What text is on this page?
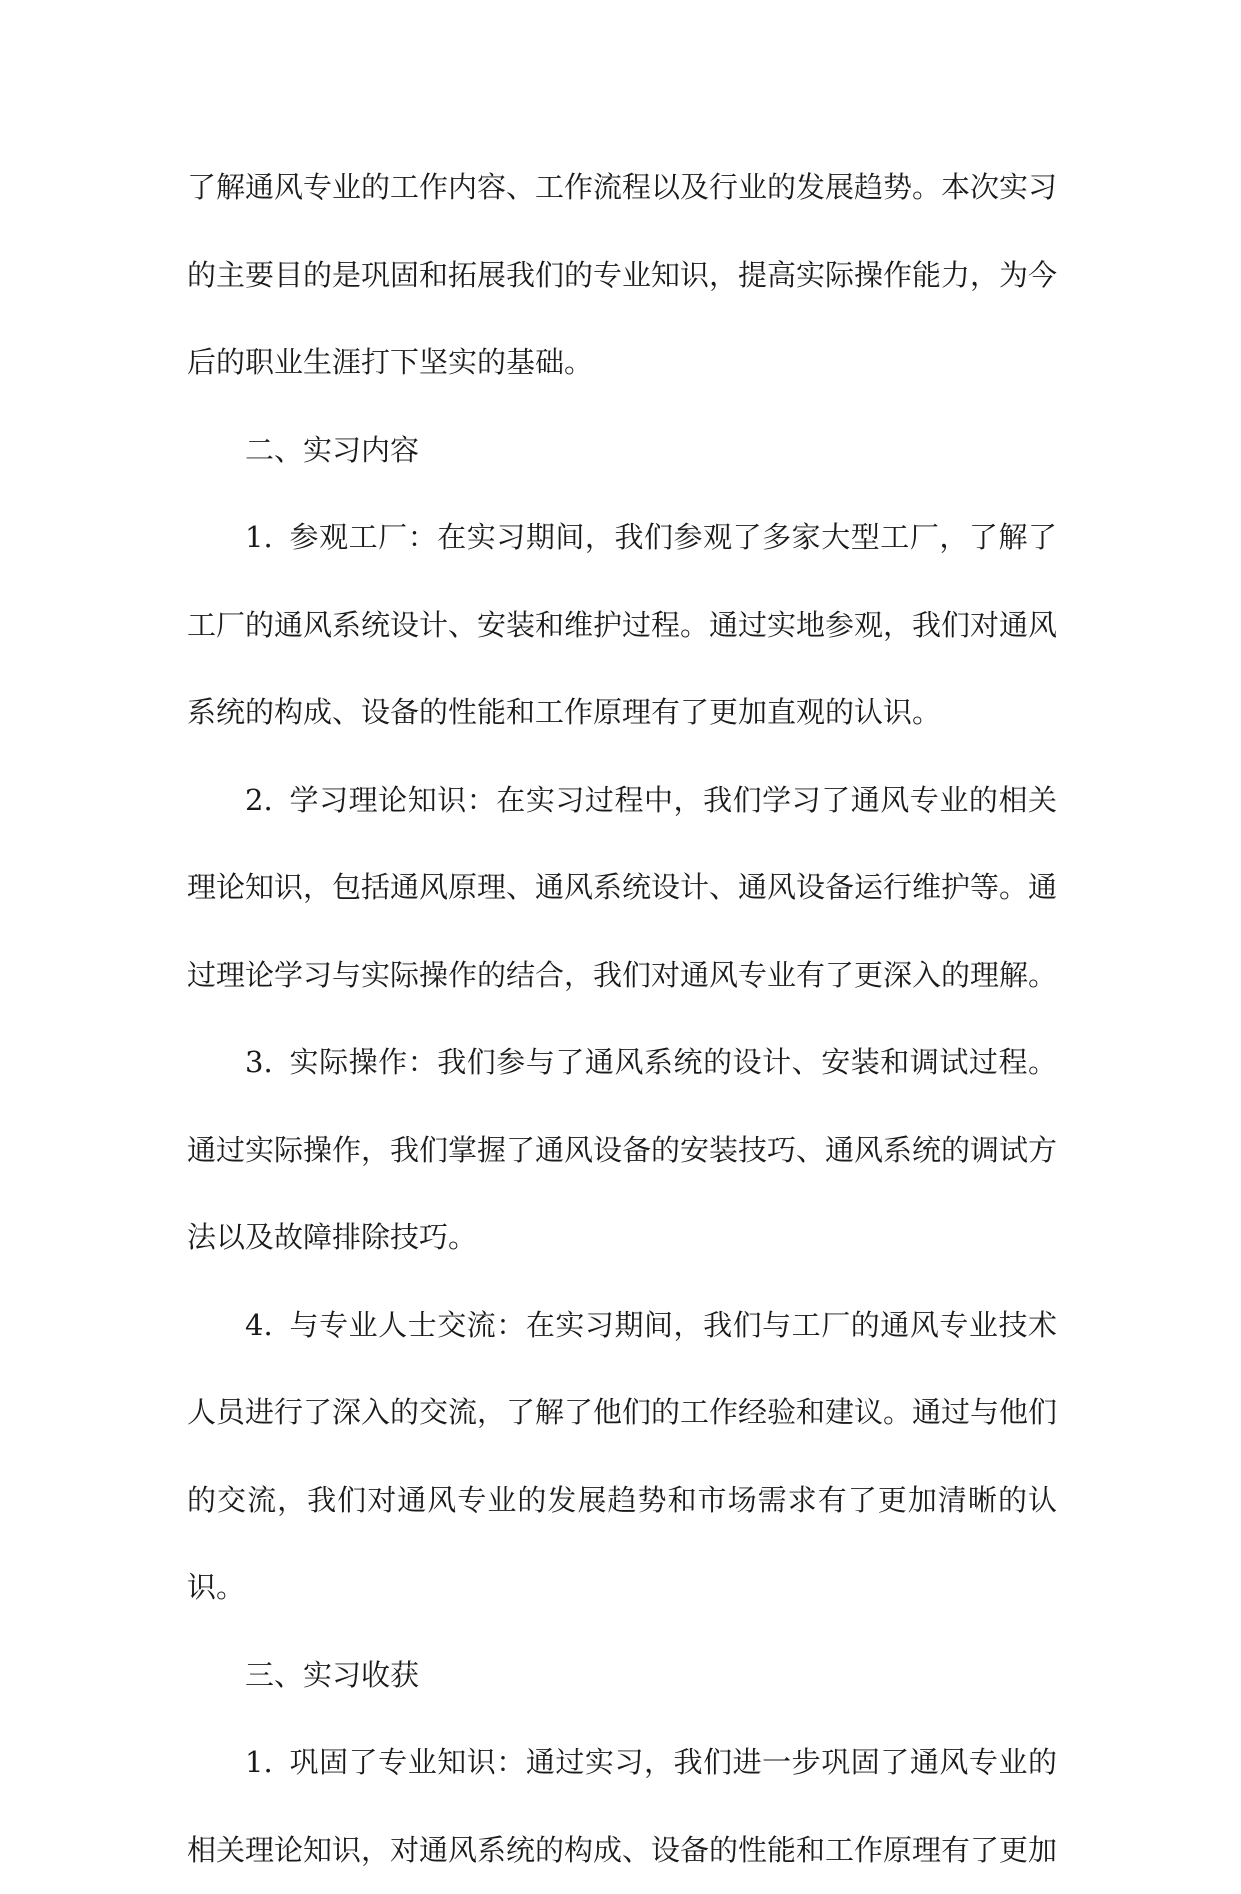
了解通风专业的工作内容、工作流程以及行业的发展趋势。本次实习的主要目的是巩固和拓展我们的专业知识，提高实际操作能力，为今后的职业生涯打下坚实的基础。

二、实习内容

1. 参观工厂：在实习期间，我们参观了多家大型工厂，了解了工厂的通风系统设计、安装和维护过程。通过实地参观，我们对通风系统的构成、设备的性能和工作原理有了更加直观的认识。

2. 学习理论知识：在实习过程中，我们学习了通风专业的相关理论知识，包括通风原理、通风系统设计、通风设备运行维护等。通过理论学习与实际操作的结合，我们对通风专业有了更深入的理解。

3. 实际操作：我们参与了通风系统的设计、安装和调试过程。通过实际操作，我们掌握了通风设备的安装技巧、通风系统的调试方法以及故障排除技巧。

4. 与专业人士交流：在实习期间，我们与工厂的通风专业技术人员进行了深入的交流，了解了他们的工作经验和建议。通过与他们的交流，我们对通风专业的发展趋势和市场需求有了更加清晰的认识。

三、实习收获

1. 巩固了专业知识：通过实习，我们进一步巩固了通风专业的相关理论知识，对通风系统的构成、设备的性能和工作原理有了更加
